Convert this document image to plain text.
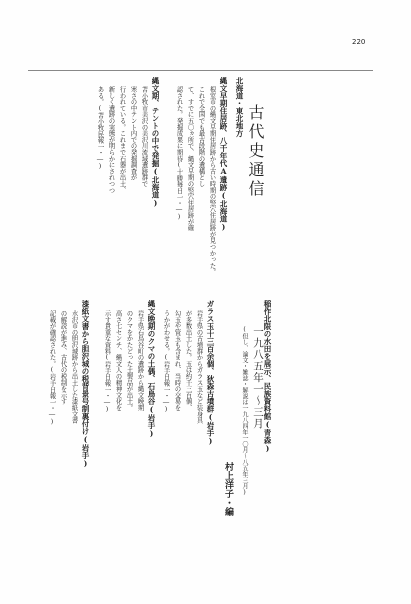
220
古代史通信
北海道・東北地方
一九八五年一〜三月
(但し、論文・雑誌・解説は一九八四年一〇月〜八五年三月)
村上洋子・編
縄文早期住居跡、八千年代A遺跡(北海道)
根室市の縄文早期住居跡から古い時期の竪穴住居跡が見つかった。
これで全国でも最古段階の遺構とし
て、すでに五〇ヵ所で、縄文早期の竪穴住居跡が確
認された。発掘成果に期待(十勝毎日一・―)
縄文期、テントの中で発掘(北海道)
苫小牧市美沢の美沢川流域遺跡群で
寒さの中テント内での発掘調査が
行われている。これまで石器が出土、
新しく遺跡の実態が明らかにされつつ
ある。(苫小牧民報一・―)
縄文晩期のクマの土偶、石鳥谷(岩手)
岩手県石鳥谷町の遺跡から縄文晩期
のクマをかたどった土製品が出土。
高さ七センチ、縄文人の精神文化を
示す貴重な資料(岩手日報一・―)	稲作北限の水田を展示、民族資料館(青森)
ガラス玉十三百余個、狄森古墳群(岩手)
岩手県の古墳群からガラス玉など装身具
が多数出土した。玉は約千三百個、
勾玉や管玉も含まれ、当時の交易を
うかがわせる。(岩手日報一・―)
漆紙文書から胆沢城の税背景号制裏付け(岩手)
水沢市の胆沢城跡から出土した漆紙文書
の解読が進み、古代の税制を示す
記載が確認された。(岩手日報一・―)
